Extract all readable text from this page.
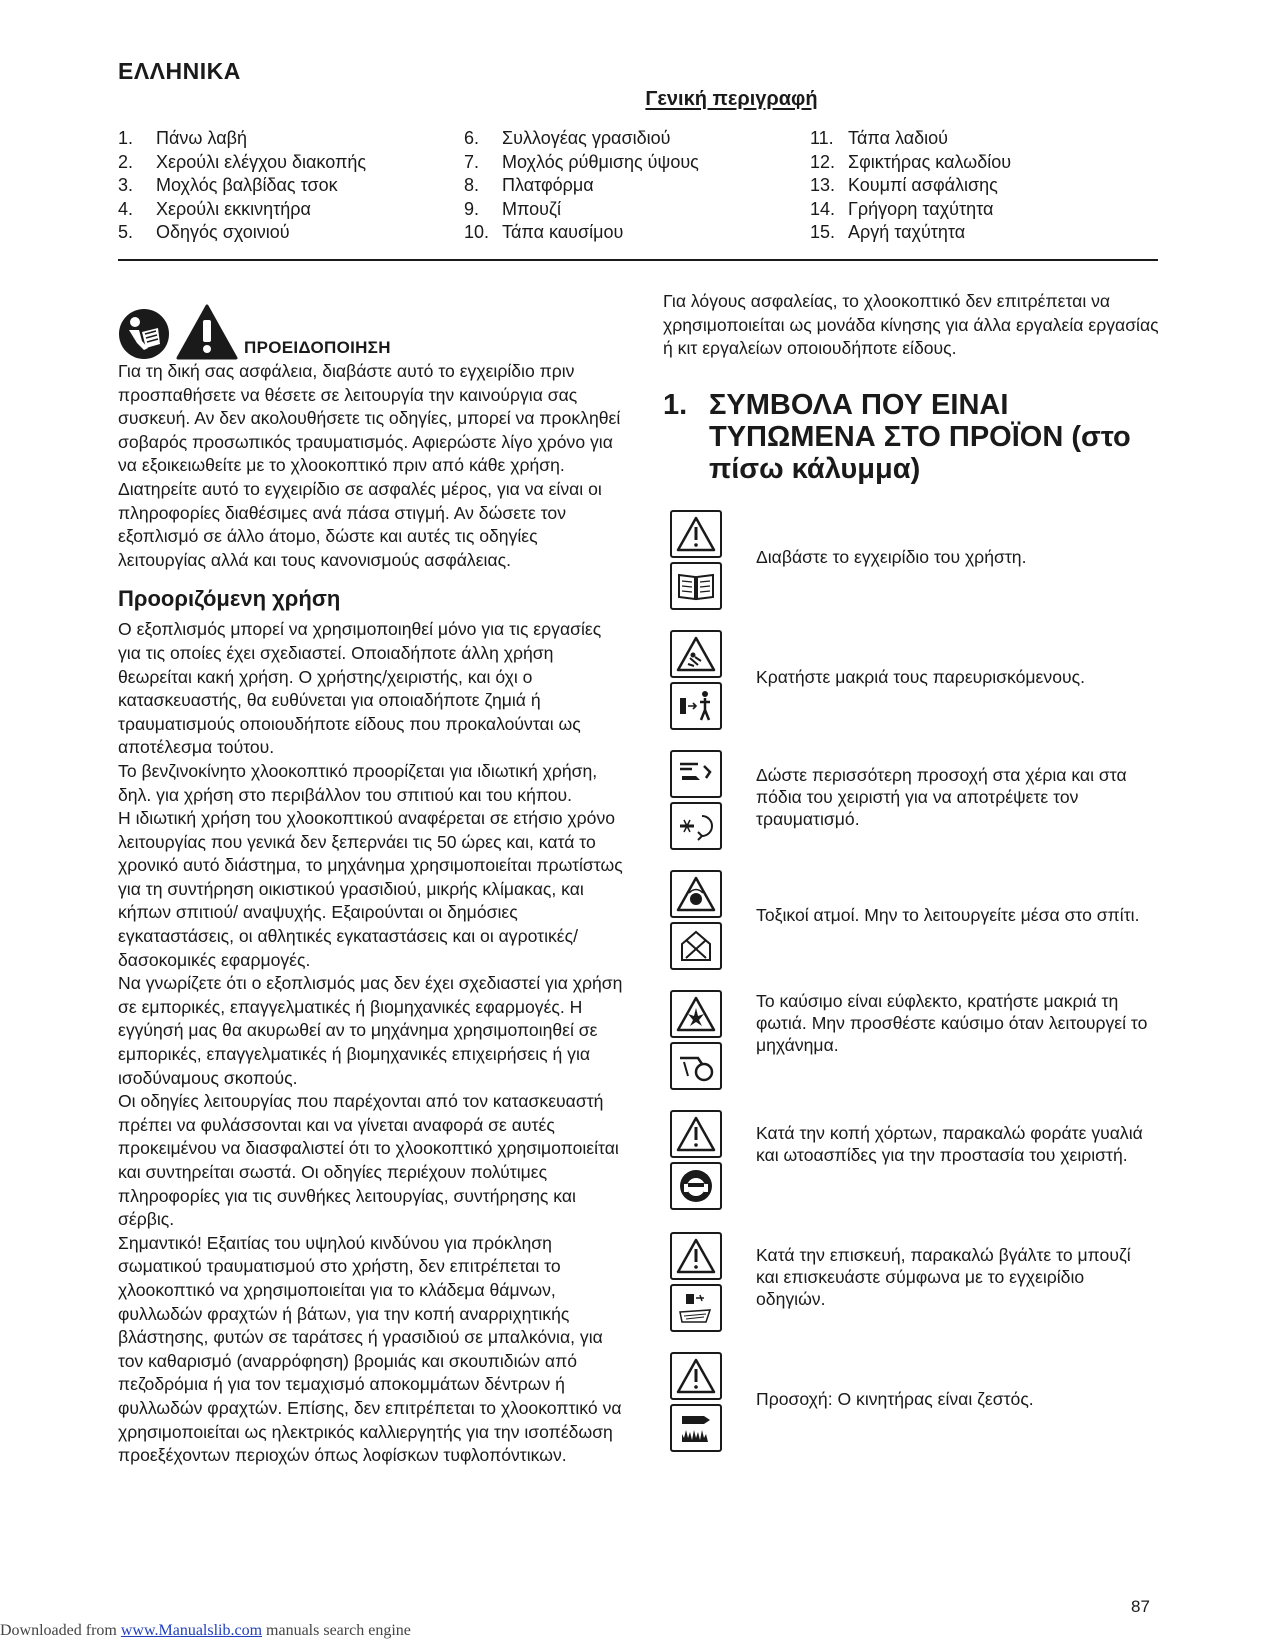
ΕΛΛΗΝΙΚΑ
Γενική περιγραφή
1.	Πάνω λαβή
2.	Χερούλι ελέγχου διακοπής
3.	Μοχλός βαλβίδας τσοκ
4.	Χερούλι εκκινητήρα
5.	Οδηγός σχοινιού
6.	Συλλογέας γρασιδιού
7.	Μοχλός ρύθμισης ύψους
8.	Πλατφόρμα
9.	Μπουζί
10. Τάπα καυσίμου
11. Τάπα λαδιού
12. Σφικτήρας καλωδίου
13. Κουμπί ασφάλισης
14. Γρήγορη ταχύτητα
15. Αργή ταχύτητα
ΠΡΟΕΙΔΟΠΟΙΗΣΗ

Για τη δική σας ασφάλεια, διαβάστε αυτό το εγχειρίδιο πριν προσπαθήσετε να θέσετε σε λειτουργία την καινούργια σας συσκευή. Αν δεν ακολουθήσετε τις οδηγίες, μπορεί να προκληθεί σοβαρός προσωπικός τραυματισμός. Αφιερώστε λίγο χρόνο για να εξοικειωθείτε με το χλοοκοπτικό πριν από κάθε χρήση. Διατηρείτε αυτό το εγχειρίδιο σε ασφαλές μέρος, για να είναι οι πληροφορίες διαθέσιμες ανά πάσα στιγμή. Αν δώσετε τον εξοπλισμό σε άλλο άτομο, δώστε και αυτές τις οδηγίες λειτουργίας αλλά και τους κανονισμούς ασφάλειας.

Προοριζόμενη χρήση

Ο εξοπλισμός μπορεί να χρησιμοποιηθεί μόνο για τις εργασίες για τις οποίες έχει σχεδιαστεί. Οποιαδήποτε άλλη χρήση θεωρείται κακή χρήση. Ο χρήστης/χειριστής, και όχι ο κατασκευαστής, θα ευθύνεται για οποιαδήποτε ζημιά ή τραυματισμούς οποιουδήποτε είδους που προκαλούνται ως αποτέλεσμα τούτου.

Το βενζινοκίνητο χλοοκοπτικό προορίζεται για ιδιωτική χρήση, δηλ. για χρήση στο περιβάλλον του σπιτιού και του κήπου.

Η ιδιωτική χρήση του χλοοκοπτικού αναφέρεται σε ετήσιο χρόνο λειτουργίας που γενικά δεν ξεπερνάει τις 50 ώρες και, κατά το χρονικό αυτό διάστημα, το μηχάνημα χρησιμοποιείται πρωτίστως για τη συντήρηση οικιστικού γρασιδιού, μικρής κλίμακας, και κήπων σπιτιού/ αναψυχής. Εξαιρούνται οι δημόσιες εγκαταστάσεις, οι αθλητικές εγκαταστάσεις και οι αγροτικές/δασοκομικές εφαρμογές.

Να γνωρίζετε ότι ο εξοπλισμός μας δεν έχει σχεδιαστεί για χρήση σε εμπορικές, επαγγελματικές ή βιομηχανικές εφαρμογές. Η εγγύησή μας θα ακυρωθεί αν το μηχάνημα χρησιμοποιηθεί σε εμπορικές, επαγγελματικές ή βιομηχανικές επιχειρήσεις ή για ισοδύναμους σκοπούς.

Οι οδηγίες λειτουργίας που παρέχονται από τον κατασκευαστή πρέπει να φυλάσσονται και να γίνεται αναφορά σε αυτές προκειμένου να διασφαλιστεί ότι το χλοοκοπτικό χρησιμοποιείται και συντηρείται σωστά. Οι οδηγίες περιέχουν πολύτιμες πληροφορίες για τις συνθήκες λειτουργίας, συντήρησης και σέρβις.

Σημαντικό! Εξαιτίας του υψηλού κινδύνου για πρόκληση σωματικού τραυματισμού στο χρήστη, δεν επιτρέπεται το χλοοκοπτικό να χρησιμοποιείται για το κλάδεμα θάμνων, φυλλωδών φραχτών ή βάτων, για την κοπή αναρριχητικής βλάστησης, φυτών σε ταράτσες ή γρασιδιού σε μπαλκόνια, για τον καθαρισμό (αναρρόφηση) βρομιάς και σκουπιδιών από πεζοδρόμια ή για τον τεμαχισμό αποκομμάτων δέντρων ή φυλλωδών φραχτών. Επίσης, δεν επιτρέπεται το χλοοκοπτικό να χρησιμοποιείται ως ηλεκτρικός καλλιεργητής για την ισοπέδωση προεξέχοντων περιοχών όπως λοφίσκων τυφλοπόντικων.

Για λόγους ασφαλείας, το χλοοκοπτικό δεν επιτρέπεται να χρησιμοποιείται ως μονάδα κίνησης για άλλα εργαλεία εργασίας ή κιτ εργαλείων οποιουδήποτε είδους.

1. ΣΥΜΒΟΛΑ ΠΟΥ ΕΙΝΑΙ ΤΥΠΩΜΕΝΑ ΣΤΟ ΠΡΟΪΟΝ (στο πίσω κάλυμμα)
Διαβάστε το εγχειρίδιο του χρήστη.
Κρατήστε μακριά τους παρευρισκόμενους.
Δώστε περισσότερη προσοχή στα χέρια και στα πόδια του χειριστή για να αποτρέψετε τον τραυματισμό.
Τοξικοί ατμοί. Μην το λειτουργείτε μέσα στο σπίτι.
Το καύσιμο είναι εύφλεκτο, κρατήστε μακριά τη φωτιά. Μην προσθέστε καύσιμο όταν λειτουργεί το μηχάνημα.
Κατά την κοπή χόρτων, παρακαλώ φοράτε γυαλιά και ωτοασπίδες για την προστασία του χειριστή.
Κατά την επισκευή, παρακαλώ βγάλτε το μπουζί και επισκευάστε σύμφωνα με το εγχειρίδιο οδηγιών.
Προσοχή: Ο κινητήρας είναι ζεστός.
87
Downloaded from www.Manualslib.com manuals search engine
